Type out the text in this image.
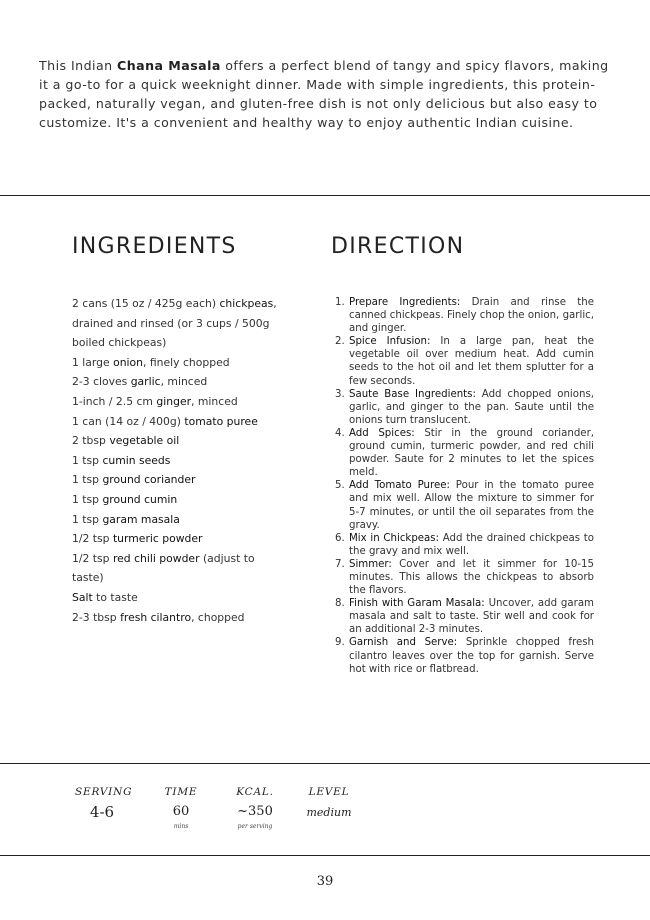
This Indian Chana Masala offers a perfect blend of tangy and spicy flavors, making it a go-to for a quick weeknight dinner. Made with simple ingredients, this protein-packed, naturally vegan, and gluten-free dish is not only delicious but also easy to customize. It's a convenient and healthy way to enjoy authentic Indian cuisine.
INGREDIENTS	DIRECTION
2 cans (15 oz / 425g each) chickpeas,
drained and rinsed (or 3 cups / 500g
boiled chickpeas)
1 large onion, finely chopped
2-3 cloves garlic, minced
1-inch / 2.5 cm ginger, minced
1 can (14 oz / 400g) tomato puree
2 tbsp vegetable oil
1 tsp cumin seeds
1 tsp ground coriander
1 tsp ground cumin
1 tsp garam masala
1/2 tsp turmeric powder
1/2 tsp red chili powder (adjust to
taste)
Salt to taste
2-3 tbsp fresh cilantro, chopped
1. Prepare Ingredients: Drain and rinse the canned chickpeas. Finely chop the onion, garlic, and ginger.
2. Spice Infusion: In a large pan, heat the vegetable oil over medium heat. Add cumin seeds to the hot oil and let them splutter for a few seconds.
3. Saute Base Ingredients: Add chopped onions, garlic, and ginger to the pan. Saute until the onions turn translucent.
4. Add Spices: Stir in the ground coriander, ground cumin, turmeric powder, and red chili powder. Saute for 2 minutes to let the spices meld.
5. Add Tomato Puree: Pour in the tomato puree and mix well. Allow the mixture to simmer for 5-7 minutes, or until the oil separates from the gravy.
6. Mix in Chickpeas: Add the drained chickpeas to the gravy and mix well.
7. Simmer: Cover and let it simmer for 10-15 minutes. This allows the chickpeas to absorb the flavors.
8. Finish with Garam Masala: Uncover, add garam masala and salt to taste. Stir well and cook for an additional 2-3 minutes.
9. Garnish and Serve: Sprinkle chopped fresh cilantro leaves over the top for garnish. Serve hot with rice or flatbread.
SERVING
4-6
TIME
60
mins
KCAL.
~350
per serving
LEVEL
medium
39
